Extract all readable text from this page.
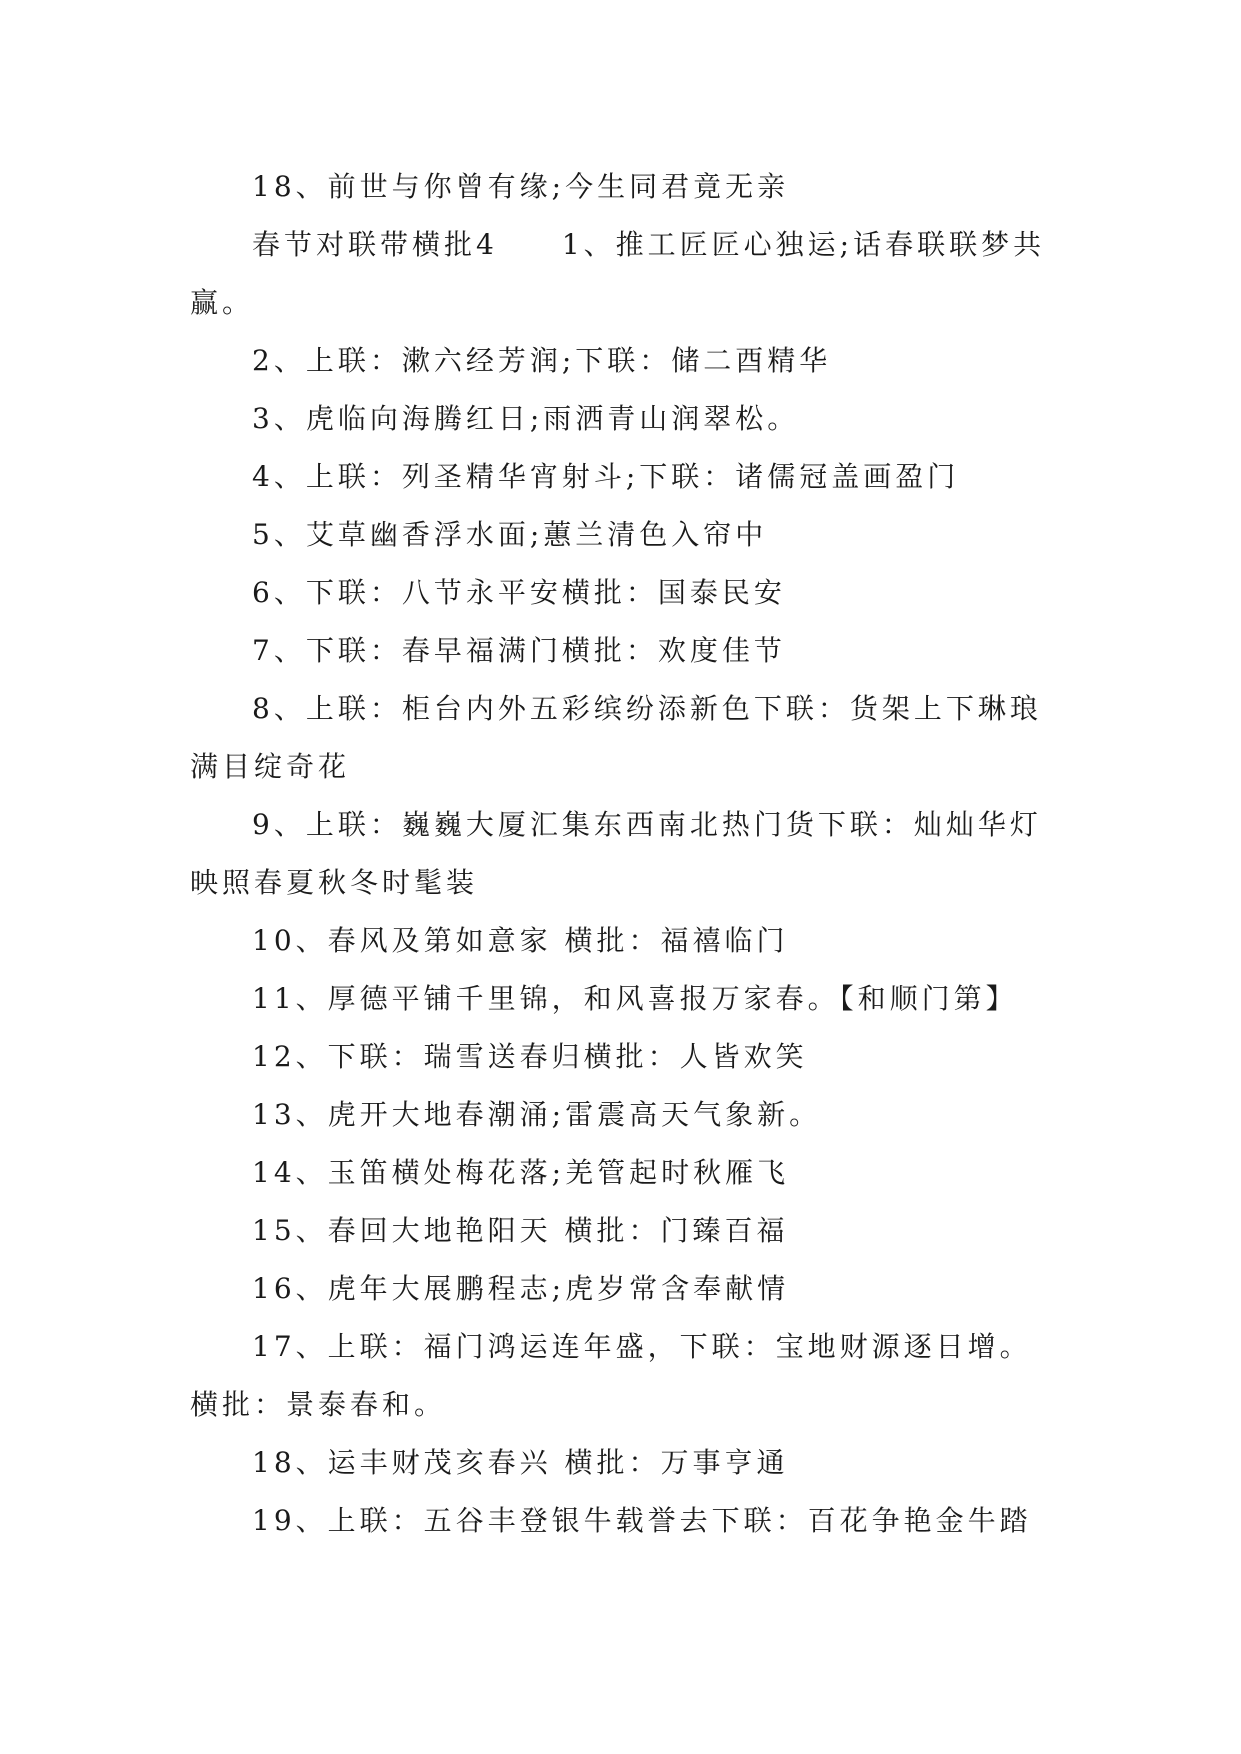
18、前世与你曾有缘;今生同君竟无亲

春节对联带横批4　　1、推工匠匠心独运;话春联联梦共赢。

2、上联：漱六经芳润;下联：储二酉精华

3、虎临向海腾红日;雨洒青山润翠松。

4、上联：列圣精华宵射斗;下联：诸儒冠盖画盈门

5、艾草幽香浮水面;蕙兰清色入帘中

6、下联：八节永平安横批：国泰民安

7、下联：春早福满门横批：欢度佳节

8、上联：柜台内外五彩缤纷添新色下联：货架上下琳琅满目绽奇花

9、上联：巍巍大厦汇集东西南北热门货下联：灿灿华灯映照春夏秋冬时髦装

10、春风及第如意家 横批：福禧临门

11、厚德平铺千里锦，和风喜报万家春。【和顺门第】

12、下联：瑞雪送春归横批：人皆欢笑

13、虎开大地春潮涌;雷震高天气象新。

14、玉笛横处梅花落;羌管起时秋雁飞

15、春回大地艳阳天 横批：门臻百福

16、虎年大展鹏程志;虎岁常含奉献情

17、上联：福门鸿运连年盛，下联：宝地财源逐日增。横批：景泰春和。

18、运丰财茂亥春兴 横批：万事亨通

19、上联：五谷丰登银牛载誉去下联：百花争艳金牛踏
